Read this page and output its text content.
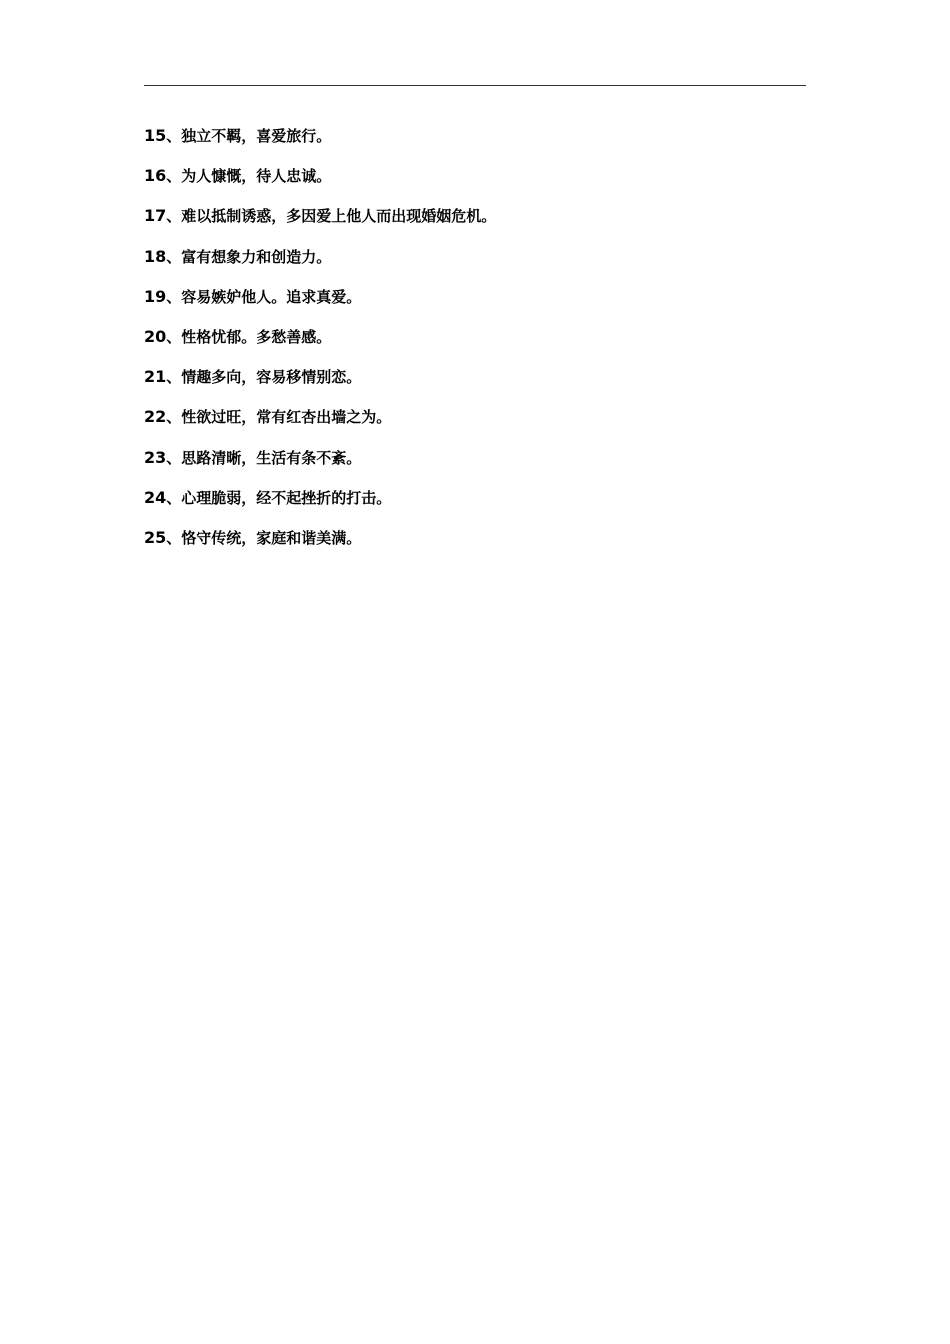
15、独立不羁，喜爱旅行。
16、为人慷慨，待人忠诚。
17、难以抵制诱惑，多因爱上他人而出现婚姻危机。
18、富有想象力和创造力。
19、容易嫉妒他人。追求真爱。
20、性格忧郁。多愁善感。
21、情趣多向，容易移情别恋。
22、性欲过旺，常有红杏出墙之为。
23、思路清晰，生活有条不紊。
24、心理脆弱，经不起挫折的打击。
25、恪守传统，家庭和谐美满。
